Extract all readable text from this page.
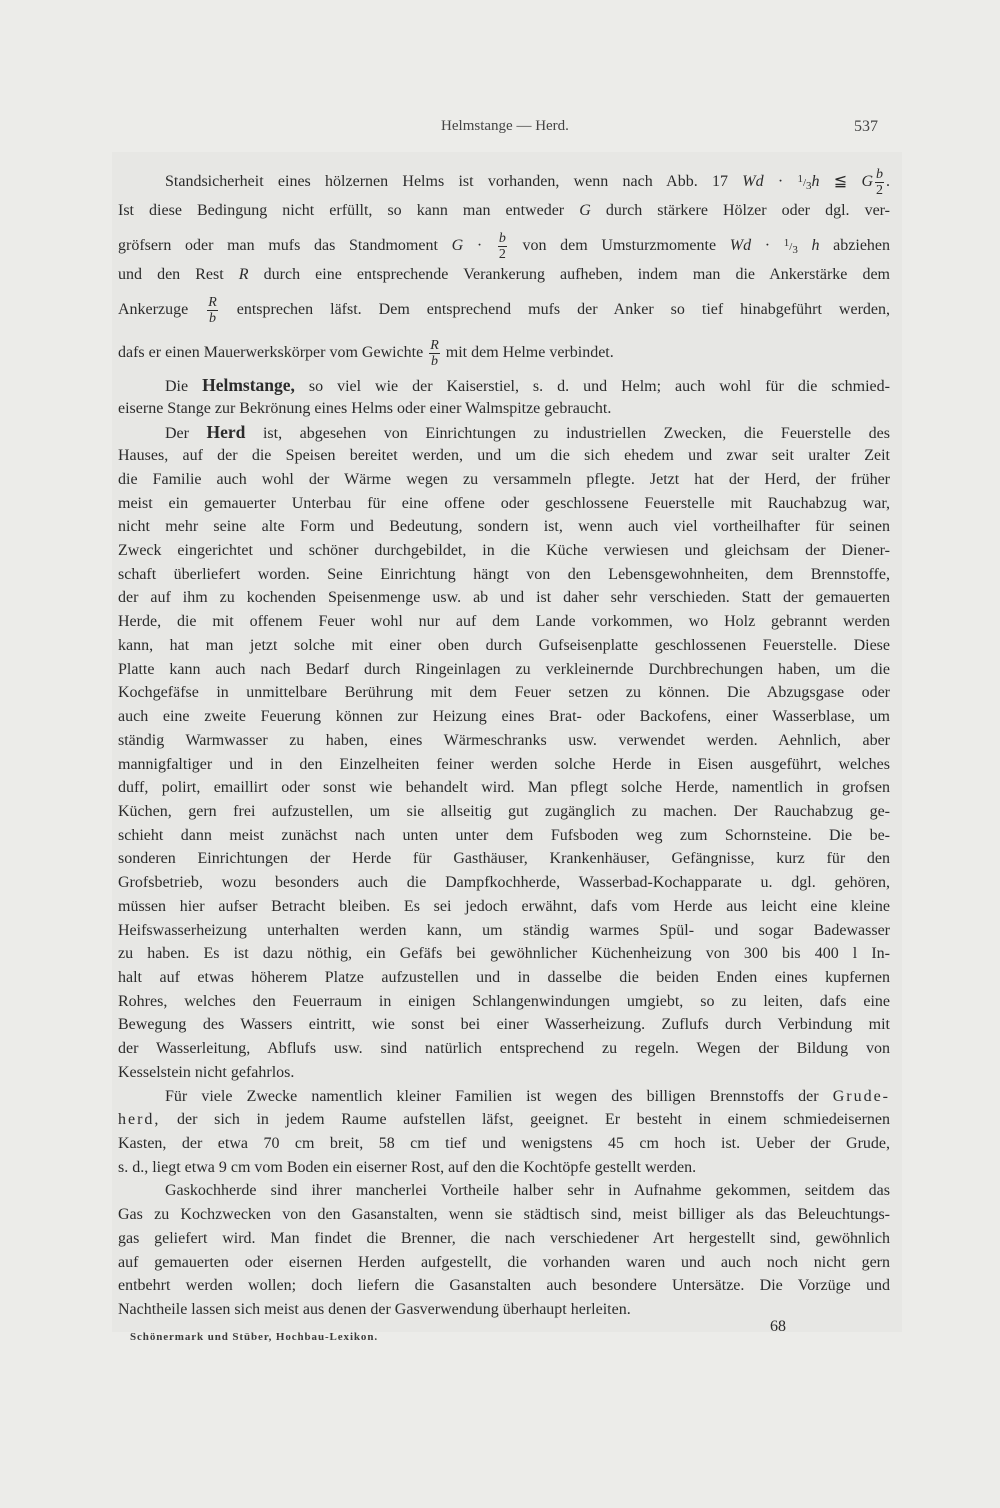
Helmstange — Herd.	537
Standsicherheit eines hölzernen Helms ist vorhanden, wenn nach Abb. 17 $Wd \cdot ^1/_3h$ ≦ G $\frac{b}{2}$ .
Ist diese Bedingung nicht erfüllt, so kann man entweder G durch stärkere Hölzer oder dgl. ver-
gröfsern oder man mufs das Standmoment $G \cdot \frac{b}{2}$ von dem Umsturzmomente $Wd \cdot ^1/_3$ h abziehen
und den Rest R durch eine entsprechende Verankerung aufheben, indem man die Ankerstärke dem
Ankerzuge $\frac{R}{b}$ entsprechen läfst. Dem entsprechend mufs der Anker so tief hinabgeführt werden,
dafs er einen Mauerwerkskörper vom Gewichte $\frac{R}{b}$ mit dem Helme verbindet.
Die Helmstange, so viel wie der Kaiserstiel, s. d. und Helm; auch wohl für die schmied-
eiserne Stange zur Bekrönung eines Helms oder einer Walmspitze gebraucht.
Der Herd ist, abgesehen von Einrichtungen zu industriellen Zwecken, die Feuerstelle des
Hauses, auf der die Speisen bereitet werden, und um die sich ehedem und zwar seit uralter Zeit
die Familie auch wohl der Wärme wegen zu versammeln pflegte. Jetzt hat der Herd, der früher
meist ein gemauerter Unterbau für eine offene oder geschlossene Feuerstelle mit Rauchabzug war,
nicht mehr seine alte Form und Bedeutung, sondern ist, wenn auch viel vortheilhafter für seinen
Zweck eingerichtet und schöner durchgebildet, in die Küche verwiesen und gleichsam der Diener-
schaft überliefert worden. Seine Einrichtung hängt von den Lebensgewohnheiten, dem Brennstoffe,
der auf ihm zu kochenden Speisenmenge usw. ab und ist daher sehr verschieden. Statt der gemauerten
Herde, die mit offenem Feuer wohl nur auf dem Lande vorkommen, wo Holz gebrannt werden
kann, hat man jetzt solche mit einer oben durch Gufseisenplatte geschlossenen Feuerstelle. Diese
Platte kann auch nach Bedarf durch Ringeinlagen zu verkleinernde Durchbrechungen haben, um die
Kochgefäfse in unmittelbare Berührung mit dem Feuer setzen zu können. Die Abzugsgase oder
auch eine zweite Feuerung können zur Heizung eines Brat- oder Backofens, einer Wasserblase, um
ständig Warmwasser zu haben, eines Wärmeschranks usw. verwendet werden. Aehnlich, aber
mannigfaltiger und in den Einzelheiten feiner werden solche Herde in Eisen ausgeführt, welches
duff, polirt, emaillirt oder sonst wie behandelt wird. Man pflegt solche Herde, namentlich in grofsen
Küchen, gern frei aufzustellen, um sie allseitig gut zugänglich zu machen. Der Rauchabzug ge-
schieht dann meist zunächst nach unten unter dem Fufsboden weg zum Schornsteine. Die be-
sonderen Einrichtungen der Herde für Gasthäuser, Krankenhäuser, Gefängnisse, kurz für den
Grofsbetrieb, wozu besonders auch die Dampfkochherde, Wasserbad-Kochapparate u. dgl. gehören,
müssen hier aufser Betracht bleiben. Es sei jedoch erwähnt, dafs vom Herde aus leicht eine kleine
Heifswasserheizung unterhalten werden kann, um ständig warmes Spül- und sogar Badewasser
zu haben. Es ist dazu nöthig, ein Gefäfs bei gewöhnlicher Küchenheizung von 300 bis 400 l In-
halt auf etwas höherem Platze aufzustellen und in dasselbe die beiden Enden eines kupfernen
Rohres, welches den Feuerraum in einigen Schlangenwindungen umgiebt, so zu leiten, dafs eine
Bewegung des Wassers eintritt, wie sonst bei einer Wasserheizung. Zuflufs durch Verbindung mit
der Wasserleitung, Abflufs usw. sind natürlich entsprechend zu regeln. Wegen der Bildung von
Kesselstein nicht gefahrlos.
Für viele Zwecke namentlich kleiner Familien ist wegen des billigen Brennstoffs der Grude-
herd, der sich in jedem Raume aufstellen läfst, geeignet. Er besteht in einem schmiedeisernen
Kasten, der etwa 70 cm breit, 58 cm tief und wenigstens 45 cm hoch ist. Ueber der Grude,
s. d., liegt etwa 9 cm vom Boden ein eiserner Rost, auf den die Kochtöpfe gestellt werden.
Gaskochherde sind ihrer mancherlei Vortheile halber sehr in Aufnahme gekommen, seitdem das
Gas zu Kochzwecken von den Gasanstalten, wenn sie städtisch sind, meist billiger als das Beleuchtungs-
gas geliefert wird. Man findet die Brenner, die nach verschiedener Art hergestellt sind, gewöhnlich
auf gemauerten oder eisernen Herden aufgestellt, die vorhanden waren und auch noch nicht gern
entbehrt werden wollen; doch liefern die Gasanstalten auch besondere Untersätze. Die Vorzüge und
Nachtheile lassen sich meist aus denen der Gasverwendung überhaupt herleiten.
68
Schönermark und Stüber, Hochbau-Lexikon.
